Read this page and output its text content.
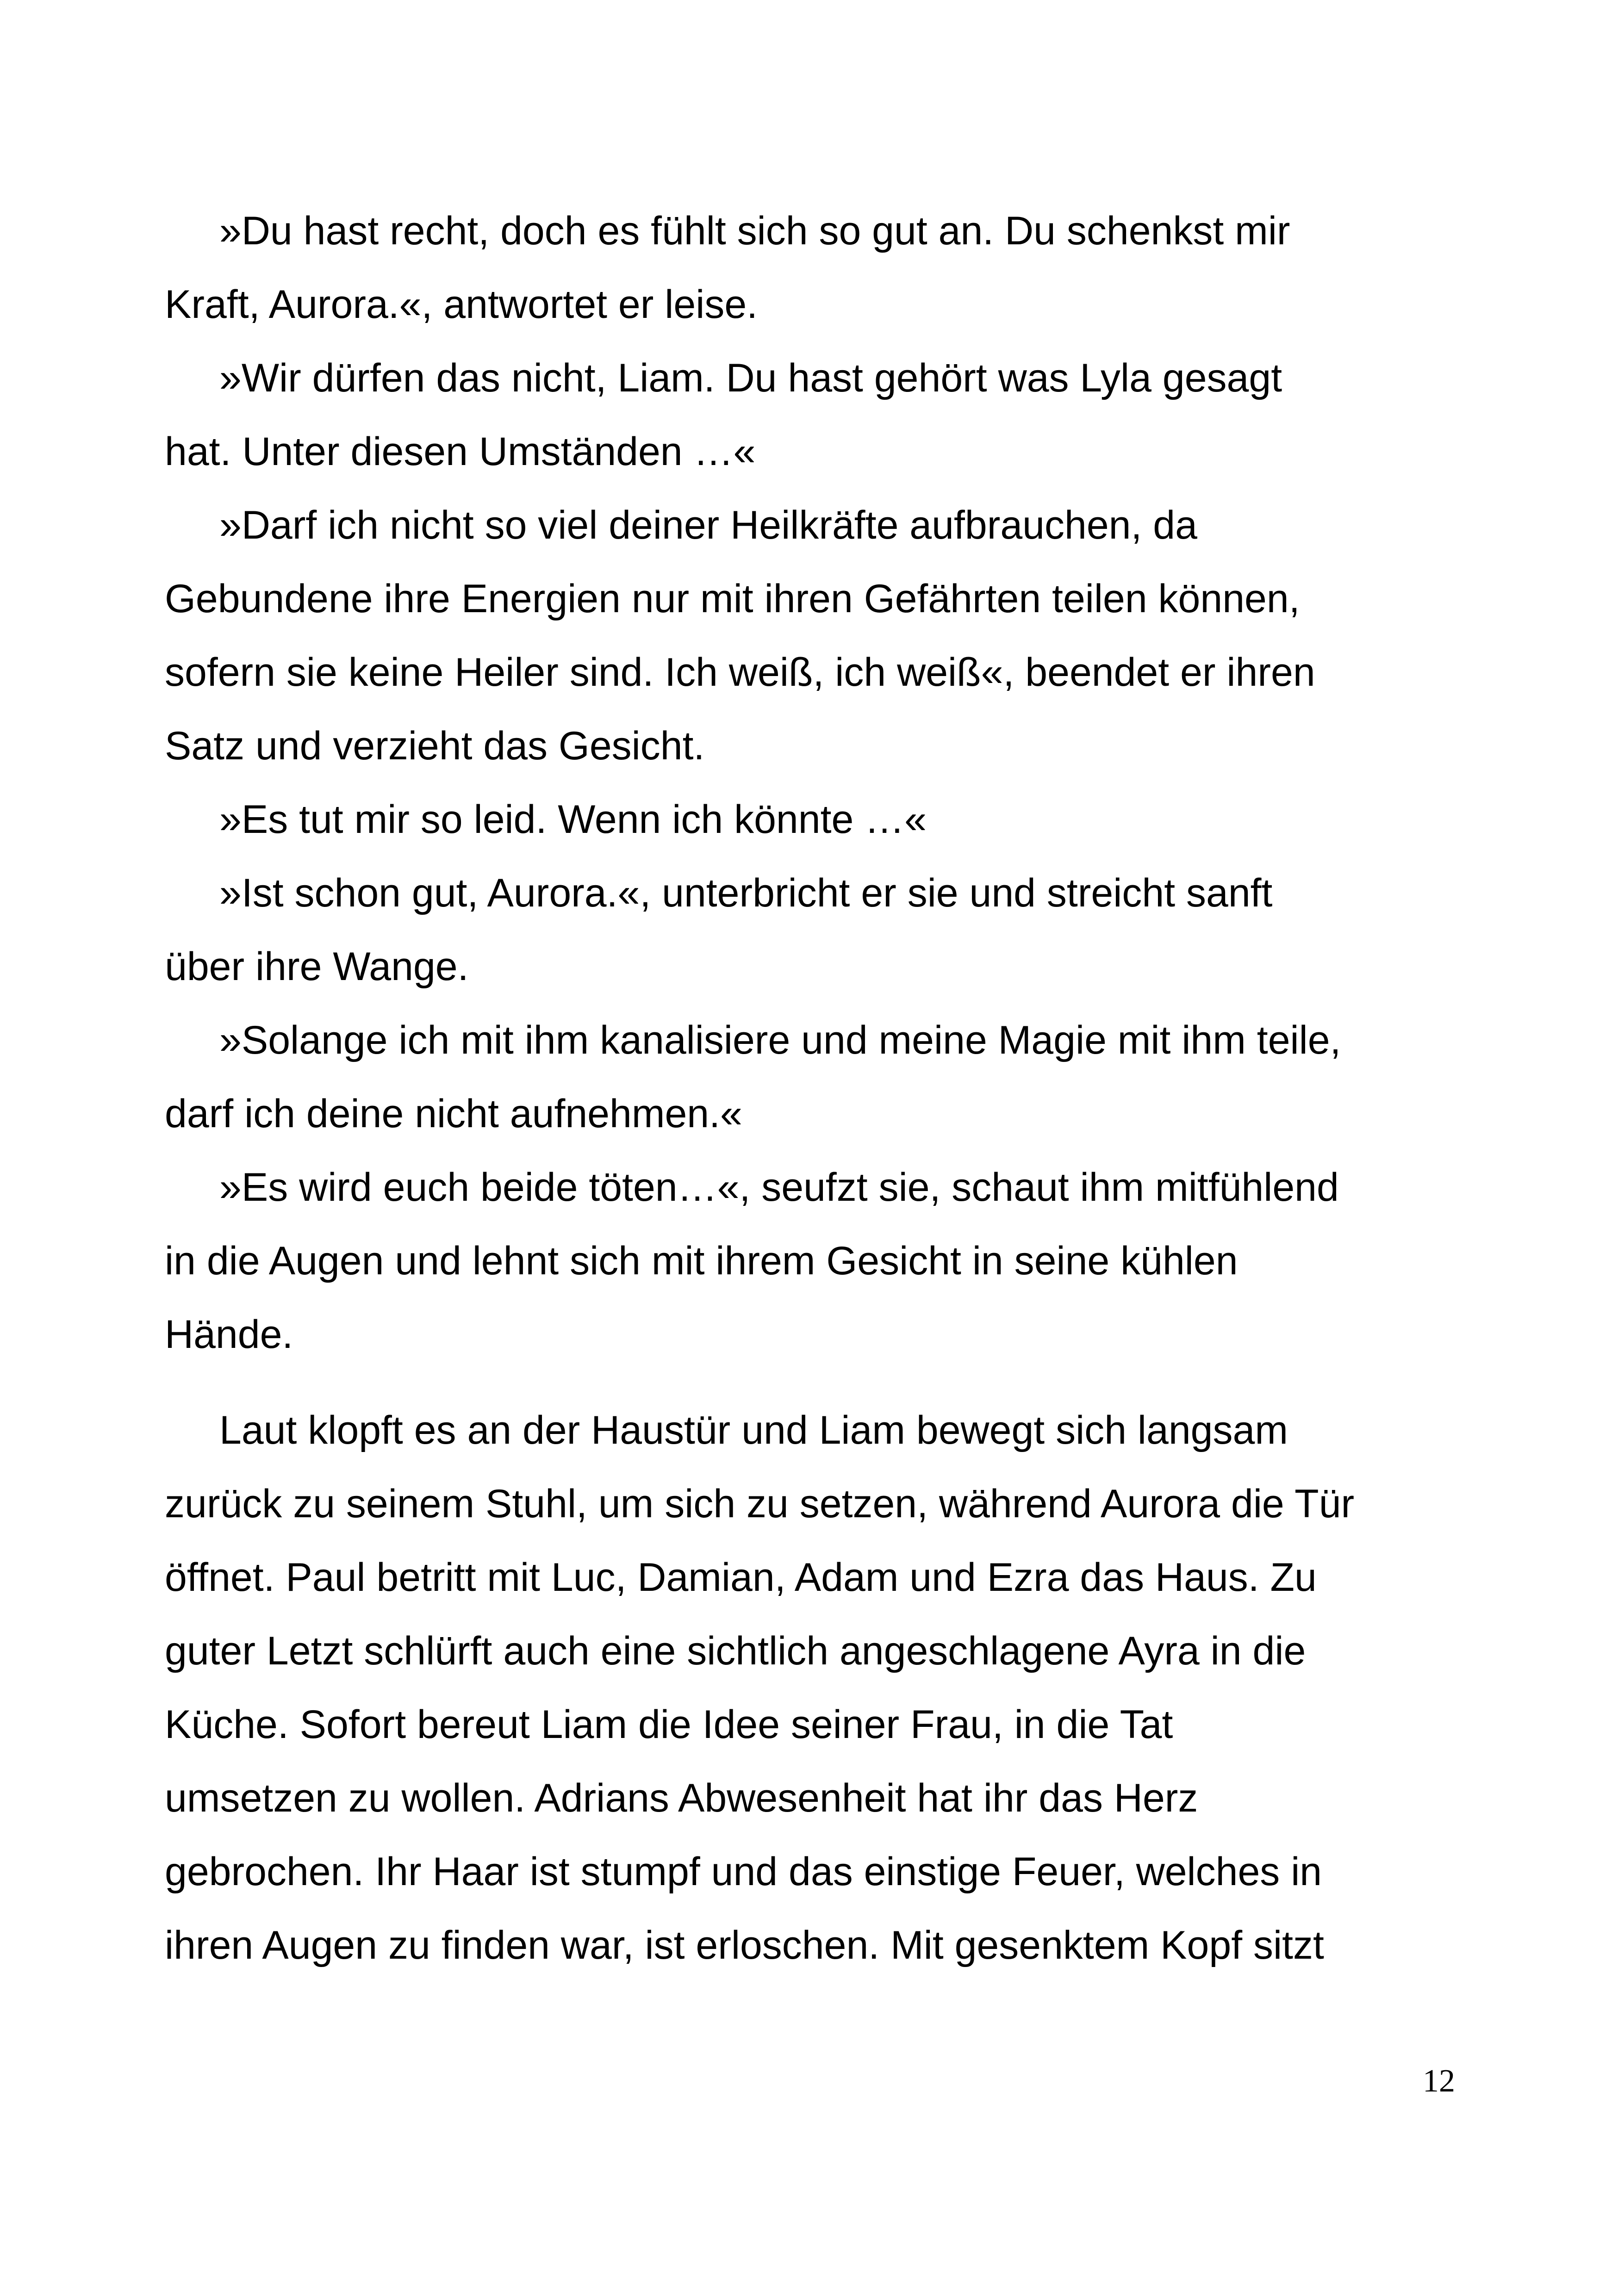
»Du hast recht, doch es fühlt sich so gut an. Du schenkst mir
Kraft, Aurora.«, antwortet er leise.

»Wir dürfen das nicht, Liam. Du hast gehört was Lyla gesagt
hat. Unter diesen Umständen …«

»Darf ich nicht so viel deiner Heilkräfte aufbrauchen, da
Gebundene ihre Energien nur mit ihren Gefährten teilen können,
sofern sie keine Heiler sind. Ich weiß, ich weiß«, beendet er ihren
Satz und verzieht das Gesicht.

»Es tut mir so leid. Wenn ich könnte …«

»Ist schon gut, Aurora.«, unterbricht er sie und streicht sanft
über ihre Wange.

»Solange ich mit ihm kanalisiere und meine Magie mit ihm teile,
darf ich deine nicht aufnehmen.«

»Es wird euch beide töten…«, seufzt sie, schaut ihm mitfühlend
in die Augen und lehnt sich mit ihrem Gesicht in seine kühlen
Hände.

Laut klopft es an der Haustür und Liam bewegt sich langsam
zurück zu seinem Stuhl, um sich zu setzen, während Aurora die Tür
öffnet. Paul betritt mit Luc, Damian, Adam und Ezra das Haus. Zu
guter Letzt schlürft auch eine sichtlich angeschlagene Ayra in die
Küche. Sofort bereut Liam die Idee seiner Frau, in die Tat
umsetzen zu wollen. Adrians Abwesenheit hat ihr das Herz
gebrochen. Ihr Haar ist stumpf und das einstige Feuer, welches in
ihren Augen zu finden war, ist erloschen. Mit gesenktem Kopf sitzt

12
